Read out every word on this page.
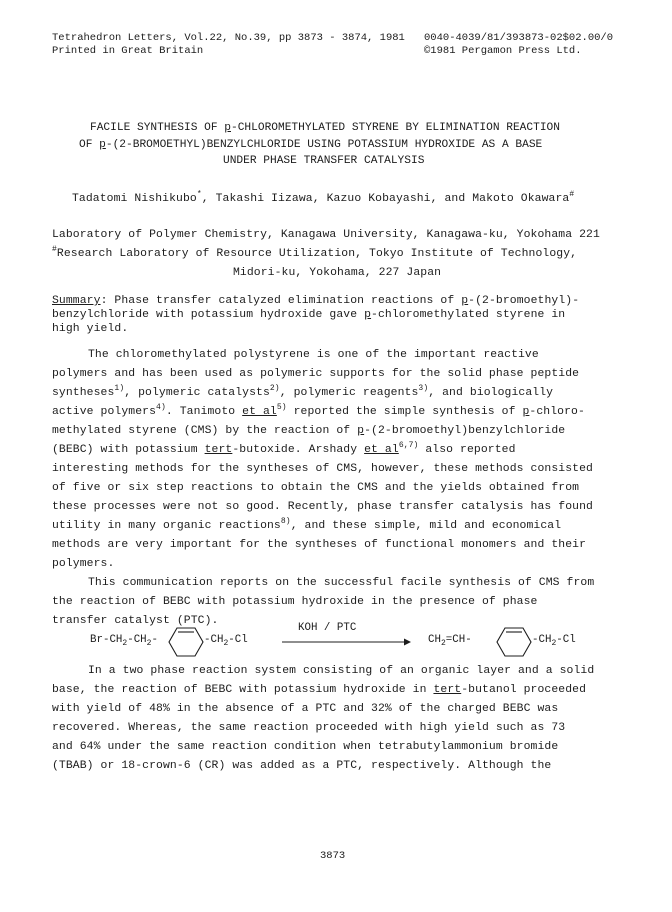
Tetrahedron Letters, Vol.22, No.39, pp 3873 - 3874, 1981
Printed in Great Britain
0040-4039/81/393873-02$02.00/0
©1981 Pergamon Press Ltd.
FACILE SYNTHESIS OF p-CHLOROMETHYLATED STYRENE BY ELIMINATION REACTION
OF p-(2-BROMOETHYL)BENZYLCHLORIDE USING POTASSIUM HYDROXIDE AS A BASE
UNDER PHASE TRANSFER CATALYSIS
Tadatomi Nishikubo*, Takashi Iizawa, Kazuo Kobayashi, and Makoto Okawara#
Laboratory of Polymer Chemistry, Kanagawa University, Kanagawa-ku, Yokohama 221
#Research Laboratory of Resource Utilization, Tokyo Institute of Technology,
Midori-ku, Yokohama, 227 Japan
Summary: Phase transfer catalyzed elimination reactions of p-(2-bromoethyl)-
benzylchloride with potassium hydroxide gave p-chloromethylated styrene in
high yield.
The chloromethylated polystyrene is one of the important reactive
polymers and has been used as polymeric supports for the solid phase peptide
syntheses$^{1)}$, polymeric catalysts$^{2)}$, polymeric reagents$^{3)}$, and biologically
active polymers$^{4)}$. Tanimoto et $al^{5)}$ reported the simple synthesis of p-chloro-
methylated styrene (CMS) by the reaction of p-(2-bromoethyl)benzylchloride
(BEBC) with potassium tert-butoxide. Arshady et al$^{6,7)}$ also reported
interesting methods for the syntheses of CMS, however, these methods consisted
of five or six step reactions to obtain the CMS and the yields obtained from
these processes were not so good. Recently, phase transfer catalysis has found
utility in many organic reactions$^{8)}$, and these simple, mild and economical
methods are very important for the syntheses of functional monomers and their
polymers.
This communication reports on the successful facile synthesis of CMS from
the reaction of BEBC with potassium hydroxide in the presence of phase
transfer catalyst (PTC).
$Br-CH_2-CH_2-$	$-CH_2-Cl$
KOH / PTC
$CH_2=CH-$	$-CH_2-Cl$
In a two phase reaction system consisting of an organic layer and a solid
base, the reaction of BEBC with potassium hydroxide in tert-butanol proceeded
with yield of 48% in the absence of a PTC and 32% of the charged BEBC was
recovered. Whereas, the same reaction proceeded with high yield such as 73
and 64% under the same reaction condition when tetrabutylammonium bromide
(TBAB) or 18-crown-6 (CR) was added as a PTC, respectively. Although the
3873
